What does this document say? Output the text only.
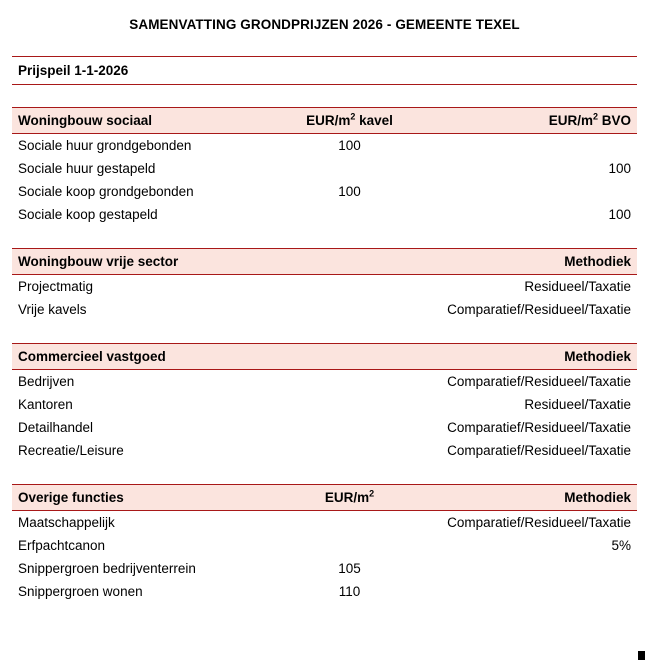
SAMENVATTING GRONDPRIJZEN 2026 - GEMEENTE TEXEL
Prijspeil 1-1-2026
Woningbouw sociaal	EUR/$m^2$ kavel	EUR/$m^2$ BVO
Sociale huur grondgebonden	100	
Sociale huur gestapeld		100
Sociale koop grondgebonden	100	
Sociale koop gestapeld		100
Woningbouw vrije sector	Methodiek
Projectmatig	Residueel/Taxatie
Vrije kavels	Comparatief/Residueel/Taxatie
Commercieel vastgoed	Methodiek
Bedrijven	Comparatief/Residueel/Taxatie
Kantoren	Residueel/Taxatie
Detailhandel	Comparatief/Residueel/Taxatie
Recreatie/Leisure	Comparatief/Residueel/Taxatie
Overige functies	EUR/$m^2$	Methodiek
Maatschappelijk		Comparatief/Residueel/Taxatie
Erfpachtcanon		5%
Snippergroen bedrijventerrein	105	
Snippergroen wonen	110	
